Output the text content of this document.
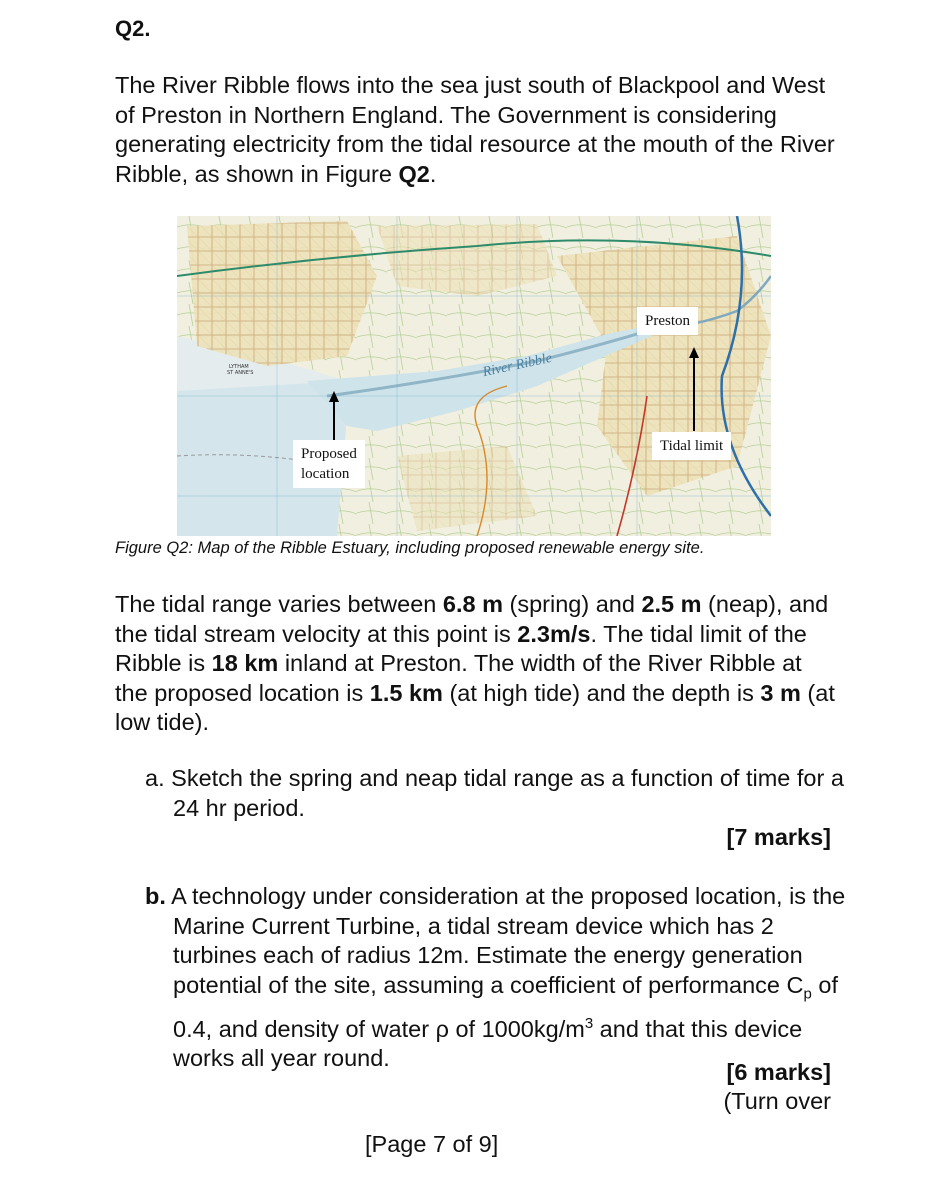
Q2.
The River Ribble flows into the sea just south of Blackpool and West of Preston in Northern England. The Government is considering generating electricity from the tidal resource at the mouth of the River Ribble, as shown in Figure Q2.
LYTHAM
ST ANNE'S	River Ribble
Preston
Tidal limit
Proposed
location
Figure Q2: Map of the Ribble Estuary, including proposed renewable energy site.
The tidal range varies between 6.8 m (spring) and 2.5 m (neap), and the tidal stream velocity at this point is 2.3m/s. The tidal limit of the Ribble is 18 km inland at Preston. The width of the River Ribble at the proposed location is 1.5 km (at high tide) and the depth is 3 m (at low tide).
a. Sketch the spring and neap tidal range as a function of time for a 24 hr period.
[7 marks]
b. A technology under consideration at the proposed location, is the Marine Current Turbine, a tidal stream device which has 2 turbines each of radius 12m. Estimate the energy generation potential of the site, assuming a coefficient of performance $C_p$ of 0.4, and density of water ρ of $1000kg/m^3$ and that this device works all year round.
[6 marks]
(Turn over
[Page 7 of 9]
